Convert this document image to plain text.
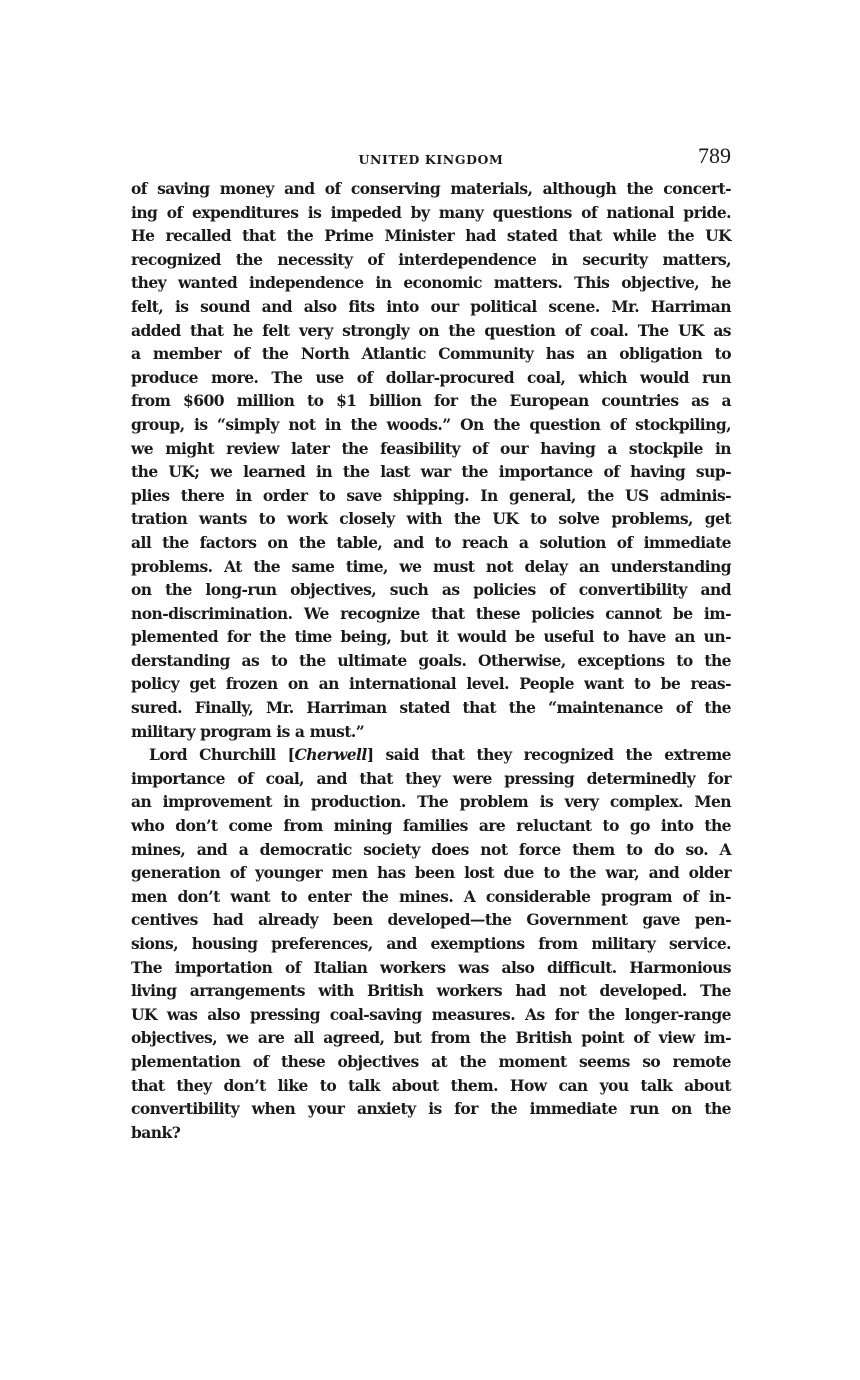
UNITED KINGDOM	789

of saving money and of conserving materials, although the concert-
ing of expenditures is impeded by many questions of national pride.
He recalled that the Prime Minister had stated that while the UK
recognized the necessity of interdependence in security matters,
they wanted independence in economic matters. This objective, he
felt, is sound and also fits into our political scene. Mr. Harriman
added that he felt very strongly on the question of coal. The UK as
a member of the North Atlantic Community has an obligation to
produce more. The use of dollar-procured coal, which would run
from $600 million to $1 billion for the European countries as a
group, is “simply not in the woods.” On the question of stockpiling,
we might review later the feasibility of our having a stockpile in
the UK; we learned in the last war the importance of having sup-
plies there in order to save shipping. In general, the US adminis-
tration wants to work closely with the UK to solve problems, get
all the factors on the table, and to reach a solution of immediate
problems. At the same time, we must not delay an understanding
on the long-run objectives, such as policies of convertibility and
non-discrimination. We recognize that these policies cannot be im-
plemented for the time being, but it would be useful to have an un-
derstanding as to the ultimate goals. Otherwise, exceptions to the
policy get frozen on an international level. People want to be reas-
sured. Finally, Mr. Harriman stated that the “maintenance of the
military program is a must.”

Lord Churchill [Cherwell] said that they recognized the extreme
importance of coal, and that they were pressing determinedly for
an improvement in production. The problem is very complex. Men
who don’t come from mining families are reluctant to go into the
mines, and a democratic society does not force them to do so. A
generation of younger men has been lost due to the war, and older
men don’t want to enter the mines. A considerable program of in-
centives had already been developed—the Government gave pen-
sions, housing preferences, and exemptions from military service.
The importation of Italian workers was also difficult. Harmonious
living arrangements with British workers had not developed. The
UK was also pressing coal-saving measures. As for the longer-range
objectives, we are all agreed, but from the British point of view im-
plementation of these objectives at the moment seems so remote
that they don’t like to talk about them. How can you talk about
convertibility when your anxiety is for the immediate run on the
bank?
